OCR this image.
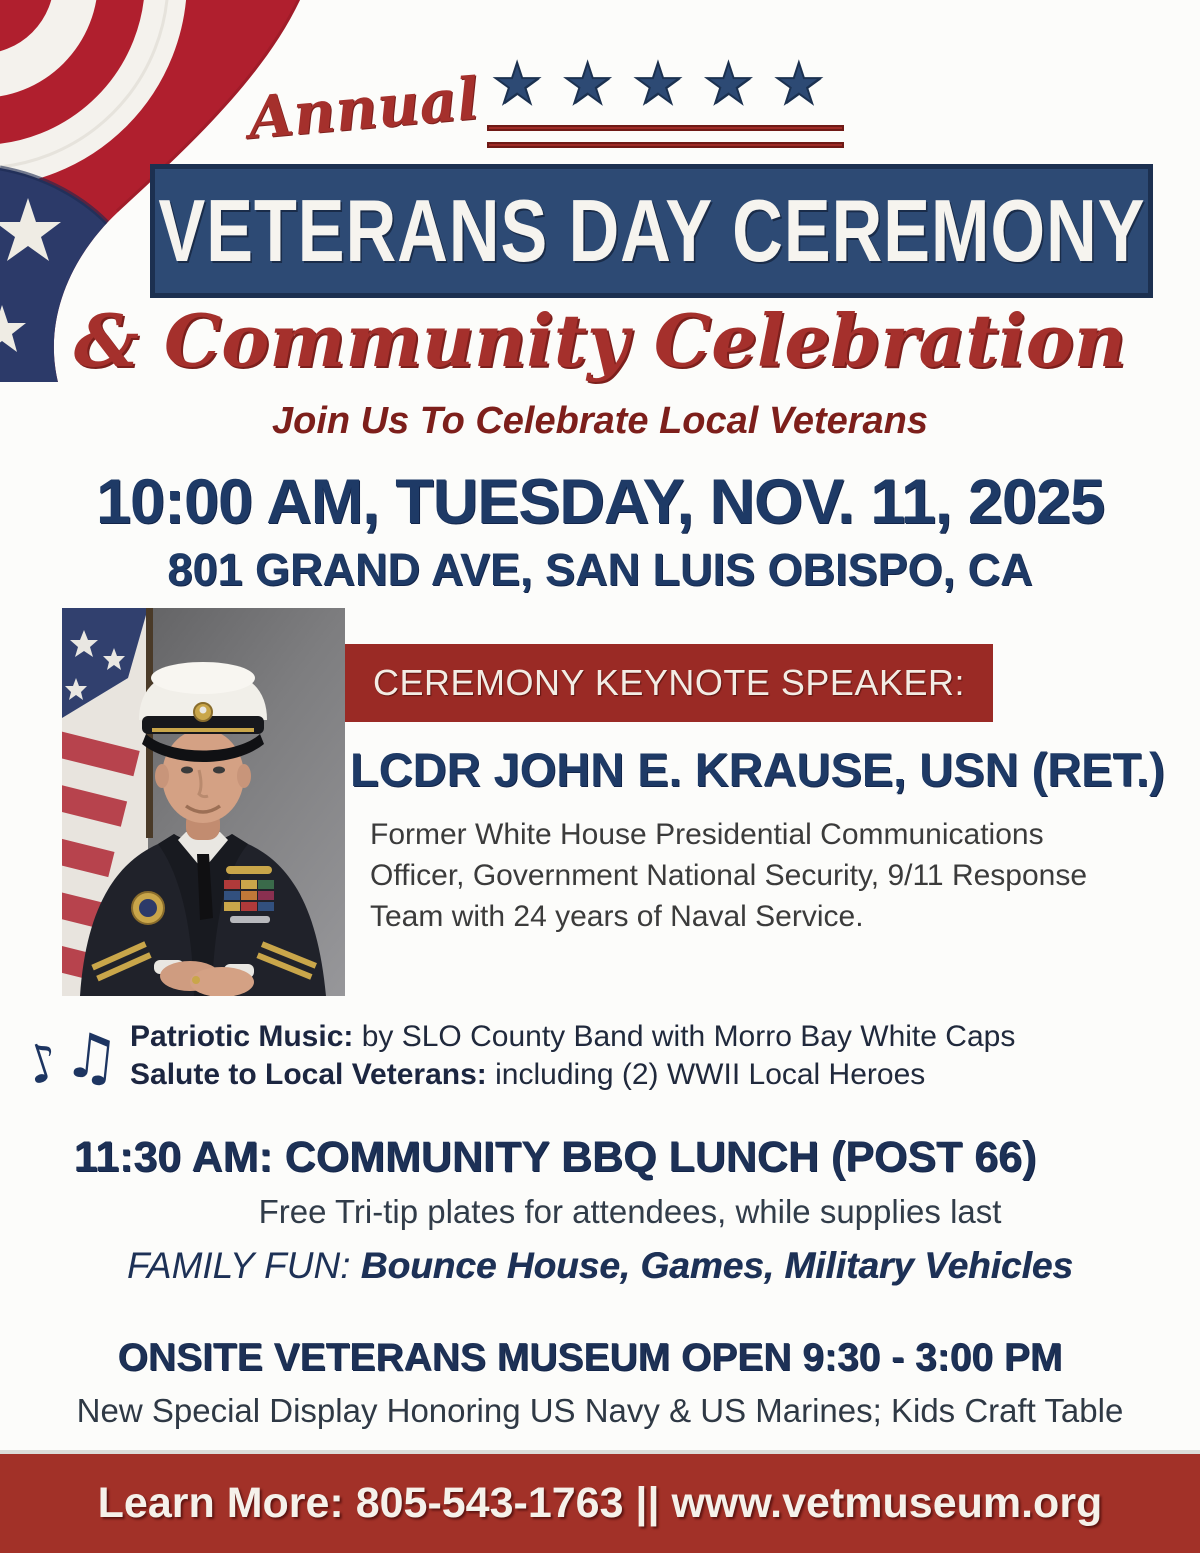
Annual ★ ★ ★ ★ ★
VETERANS DAY CEREMONY
& Community Celebration
Join Us To Celebrate Local Veterans
10:00 AM, TUESDAY, NOV. 11, 2025
801 GRAND AVE, SAN LUIS OBISPO, CA
CEREMONY KEYNOTE SPEAKER:
LCDR JOHN E. KRAUSE, USN (RET.)
Former White House Presidential Communications Officer, Government National Security, 9/11 Response Team with 24 years of Naval Service.
♪
♫ Patriotic Music: by SLO County Band with Morro Bay White Caps
Salute to Local Veterans: including (2) WWII Local Heroes
11:30 AM: COMMUNITY BBQ LUNCH (POST 66)
Free Tri-tip plates for attendees, while supplies last
FAMILY FUN: Bounce House, Games, Military Vehicles
ONSITE VETERANS MUSEUM OPEN 9:30 - 3:00 PM
New Special Display Honoring US Navy & US Marines; Kids Craft Table
Learn More: 805-543-1763 || www.vetmuseum.org
